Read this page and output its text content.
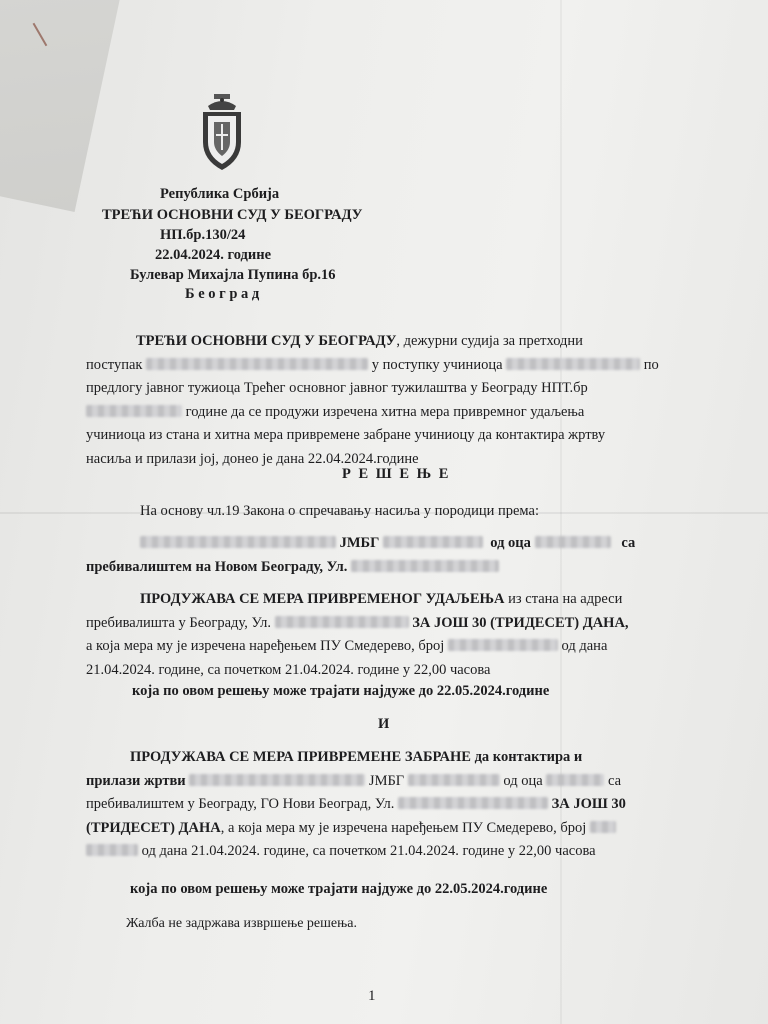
Република Србија
ТРЕЋИ ОСНОВНИ СУД У БЕОГРАДУ
НП.бр.130/24
22.04.2024. године
Булевар Михајла Пупина бр.16
Б е о г р а д
ТРЕЋИ ОСНОВНИ СУД У БЕОГРАДУ, дежурни судија за претходни
поступак	у поступку учиниоца	по
предлогу јавног тужиоца Трећег основног јавног тужилаштва у Београду НПТ.бр
године да се продужи изречена хитна мера привремног удаљења
учиниоца из стана и хитна мера привремене забране учиниоцу да контактира жртву
насиља и прилази јој, донео је дана 22.04.2024.године
Р Е Ш Е Њ Е
На основу чл.19 Закона о спречавању насиља у породици према:
ЈМБГ	од оца	са
пребивалиштем на Новом Београду, Ул.
ПРОДУЖАВА СЕ МЕРА ПРИВРЕМЕНОГ УДАЉЕЊА из стана на адреси
пребивалишта у Београду, Ул.	ЗА ЈОШ 30 (ТРИДЕСЕТ) ДАНА,
а која мера му је изречена наређењем ПУ Смедерево, број	од дана
21.04.2024. године, са почетком 21.04.2024. године у 22,00 часова
која по овом решењу може трајати најдуже до 22.05.2024.године
И
ПРОДУЖАВА СЕ МЕРА ПРИВРЕМЕНЕ ЗАБРАНЕ да контактира и
прилази жртви	ЈМБГ	од оца	са
пребивалиштем у Београду, ГО Нови Београд, Ул.	ЗА ЈОШ 30
(ТРИДЕСЕТ) ДАНА, а која мера му је изречена наређењем ПУ Смедерево, број
од дана 21.04.2024. године, са почетком 21.04.2024. године у 22,00 часова
која по овом решењу може трајати најдуже до 22.05.2024.године
Жалба не задржава извршење решења.
1
